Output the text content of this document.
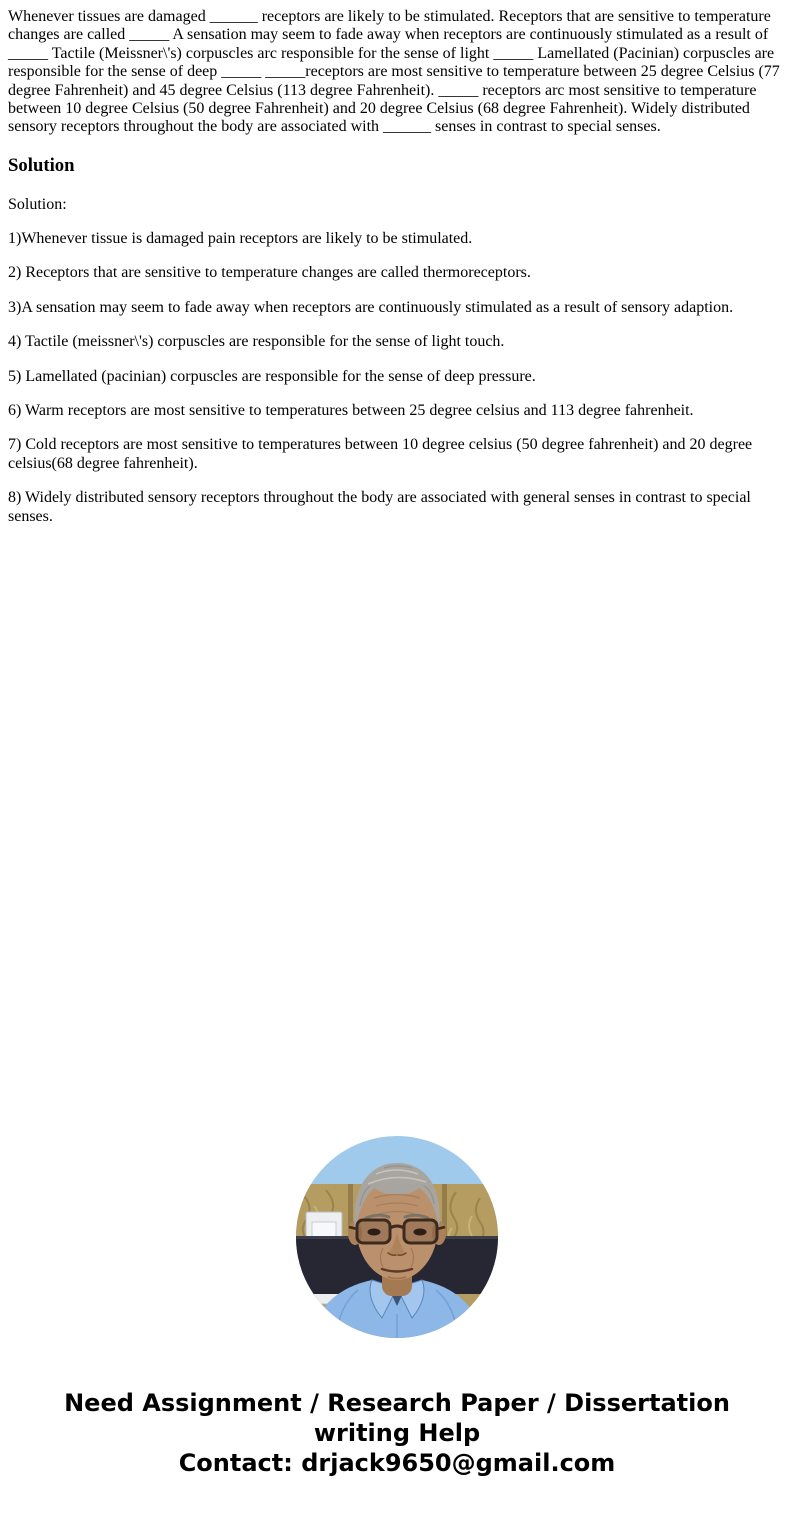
Whenever tissues are damaged ______ receptors are likely to be stimulated. Receptors that are sensitive to temperature changes are called _____ A sensation may seem to fade away when receptors are continuously stimulated as a result of _____ Tactile (Meissner\'s) corpuscles arc responsible for the sense of light _____ Lamellated (Pacinian) corpuscles are responsible for the sense of deep _____ _____receptors are most sensitive to temperature between 25 degree Celsius (77 degree Fahrenheit) and 45 degree Celsius (113 degree Fahrenheit). _____ receptors arc most sensitive to temperature between 10 degree Celsius (50 degree Fahrenheit) and 20 degree Celsius (68 degree Fahrenheit). Widely distributed sensory receptors throughout the body are associated with ______ senses in contrast to special senses.

Solution

Solution:

1)Whenever tissue is damaged pain receptors are likely to be stimulated.

2) Receptors that are sensitive to temperature changes are called thermoreceptors.

3)A sensation may seem to fade away when receptors are continuously stimulated as a result of sensory adaption.

4) Tactile (meissner\'s) corpuscles are responsible for the sense of light touch.

5) Lamellated (pacinian) corpuscles are responsible for the sense of deep pressure.

6) Warm receptors are most sensitive to temperatures between 25 degree celsius and 113 degree fahrenheit.

7) Cold receptors are most sensitive to temperatures between 10 degree celsius (50 degree fahrenheit) and 20 degree celsius(68 degree fahrenheit).

8) Widely distributed sensory receptors throughout the body are associated with general senses in contrast to special senses.

Need Assignment / Research Paper / Dissertation writing Help
Contact: drjack9650@gmail.com
